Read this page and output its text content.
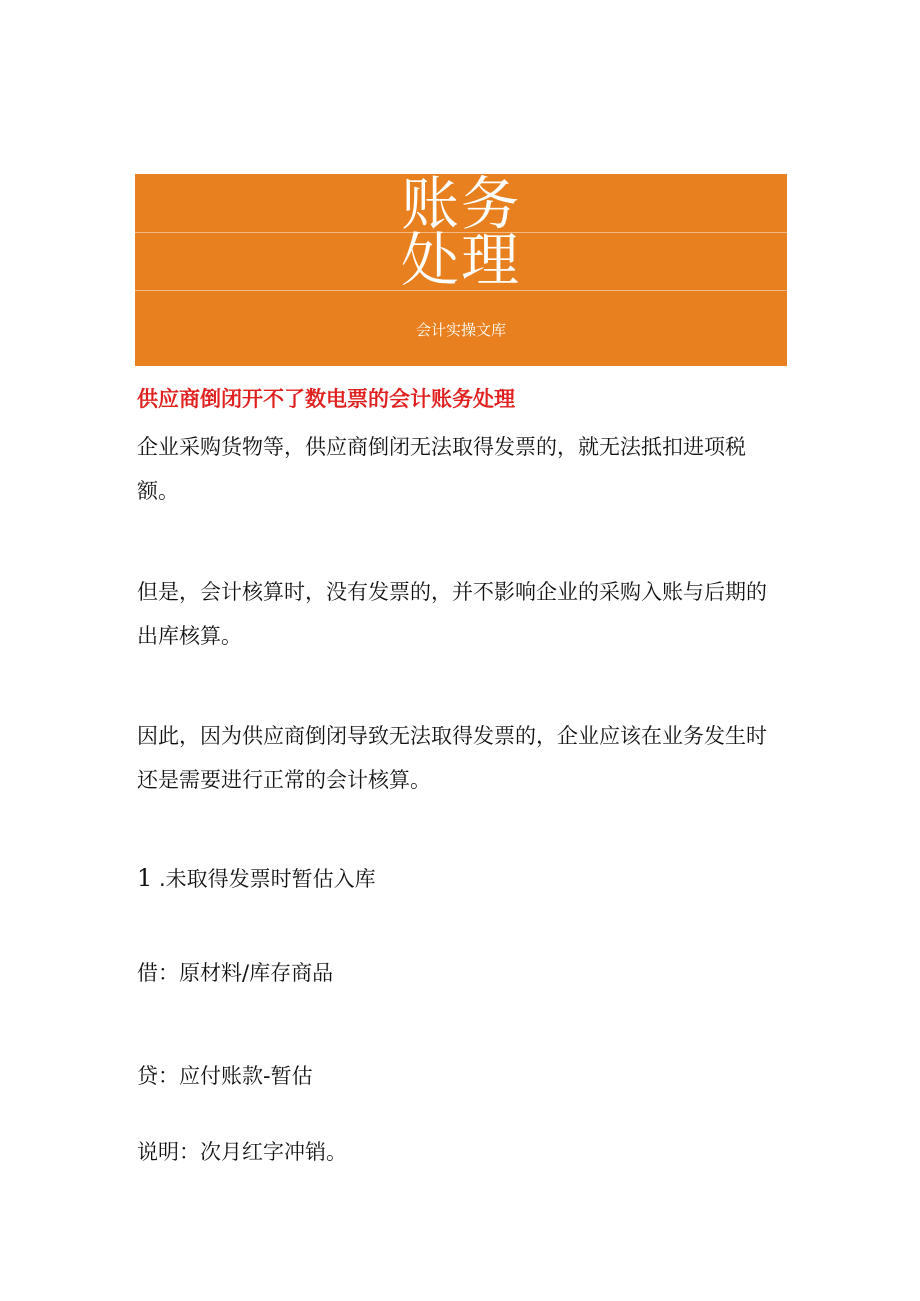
账务
处理
会计实操文库
供应商倒闭开不了数电票的会计账务处理
企业采购货物等，供应商倒闭无法取得发票的，就无法抵扣进项税额。
但是，会计核算时，没有发票的，并不影响企业的采购入账与后期的出库核算。
因此，因为供应商倒闭导致无法取得发票的，企业应该在业务发生时还是需要进行正常的会计核算。
1 .未取得发票时暂估入库
借：原材料/库存商品
贷：应付账款-暂估
说明：次月红字冲销。
